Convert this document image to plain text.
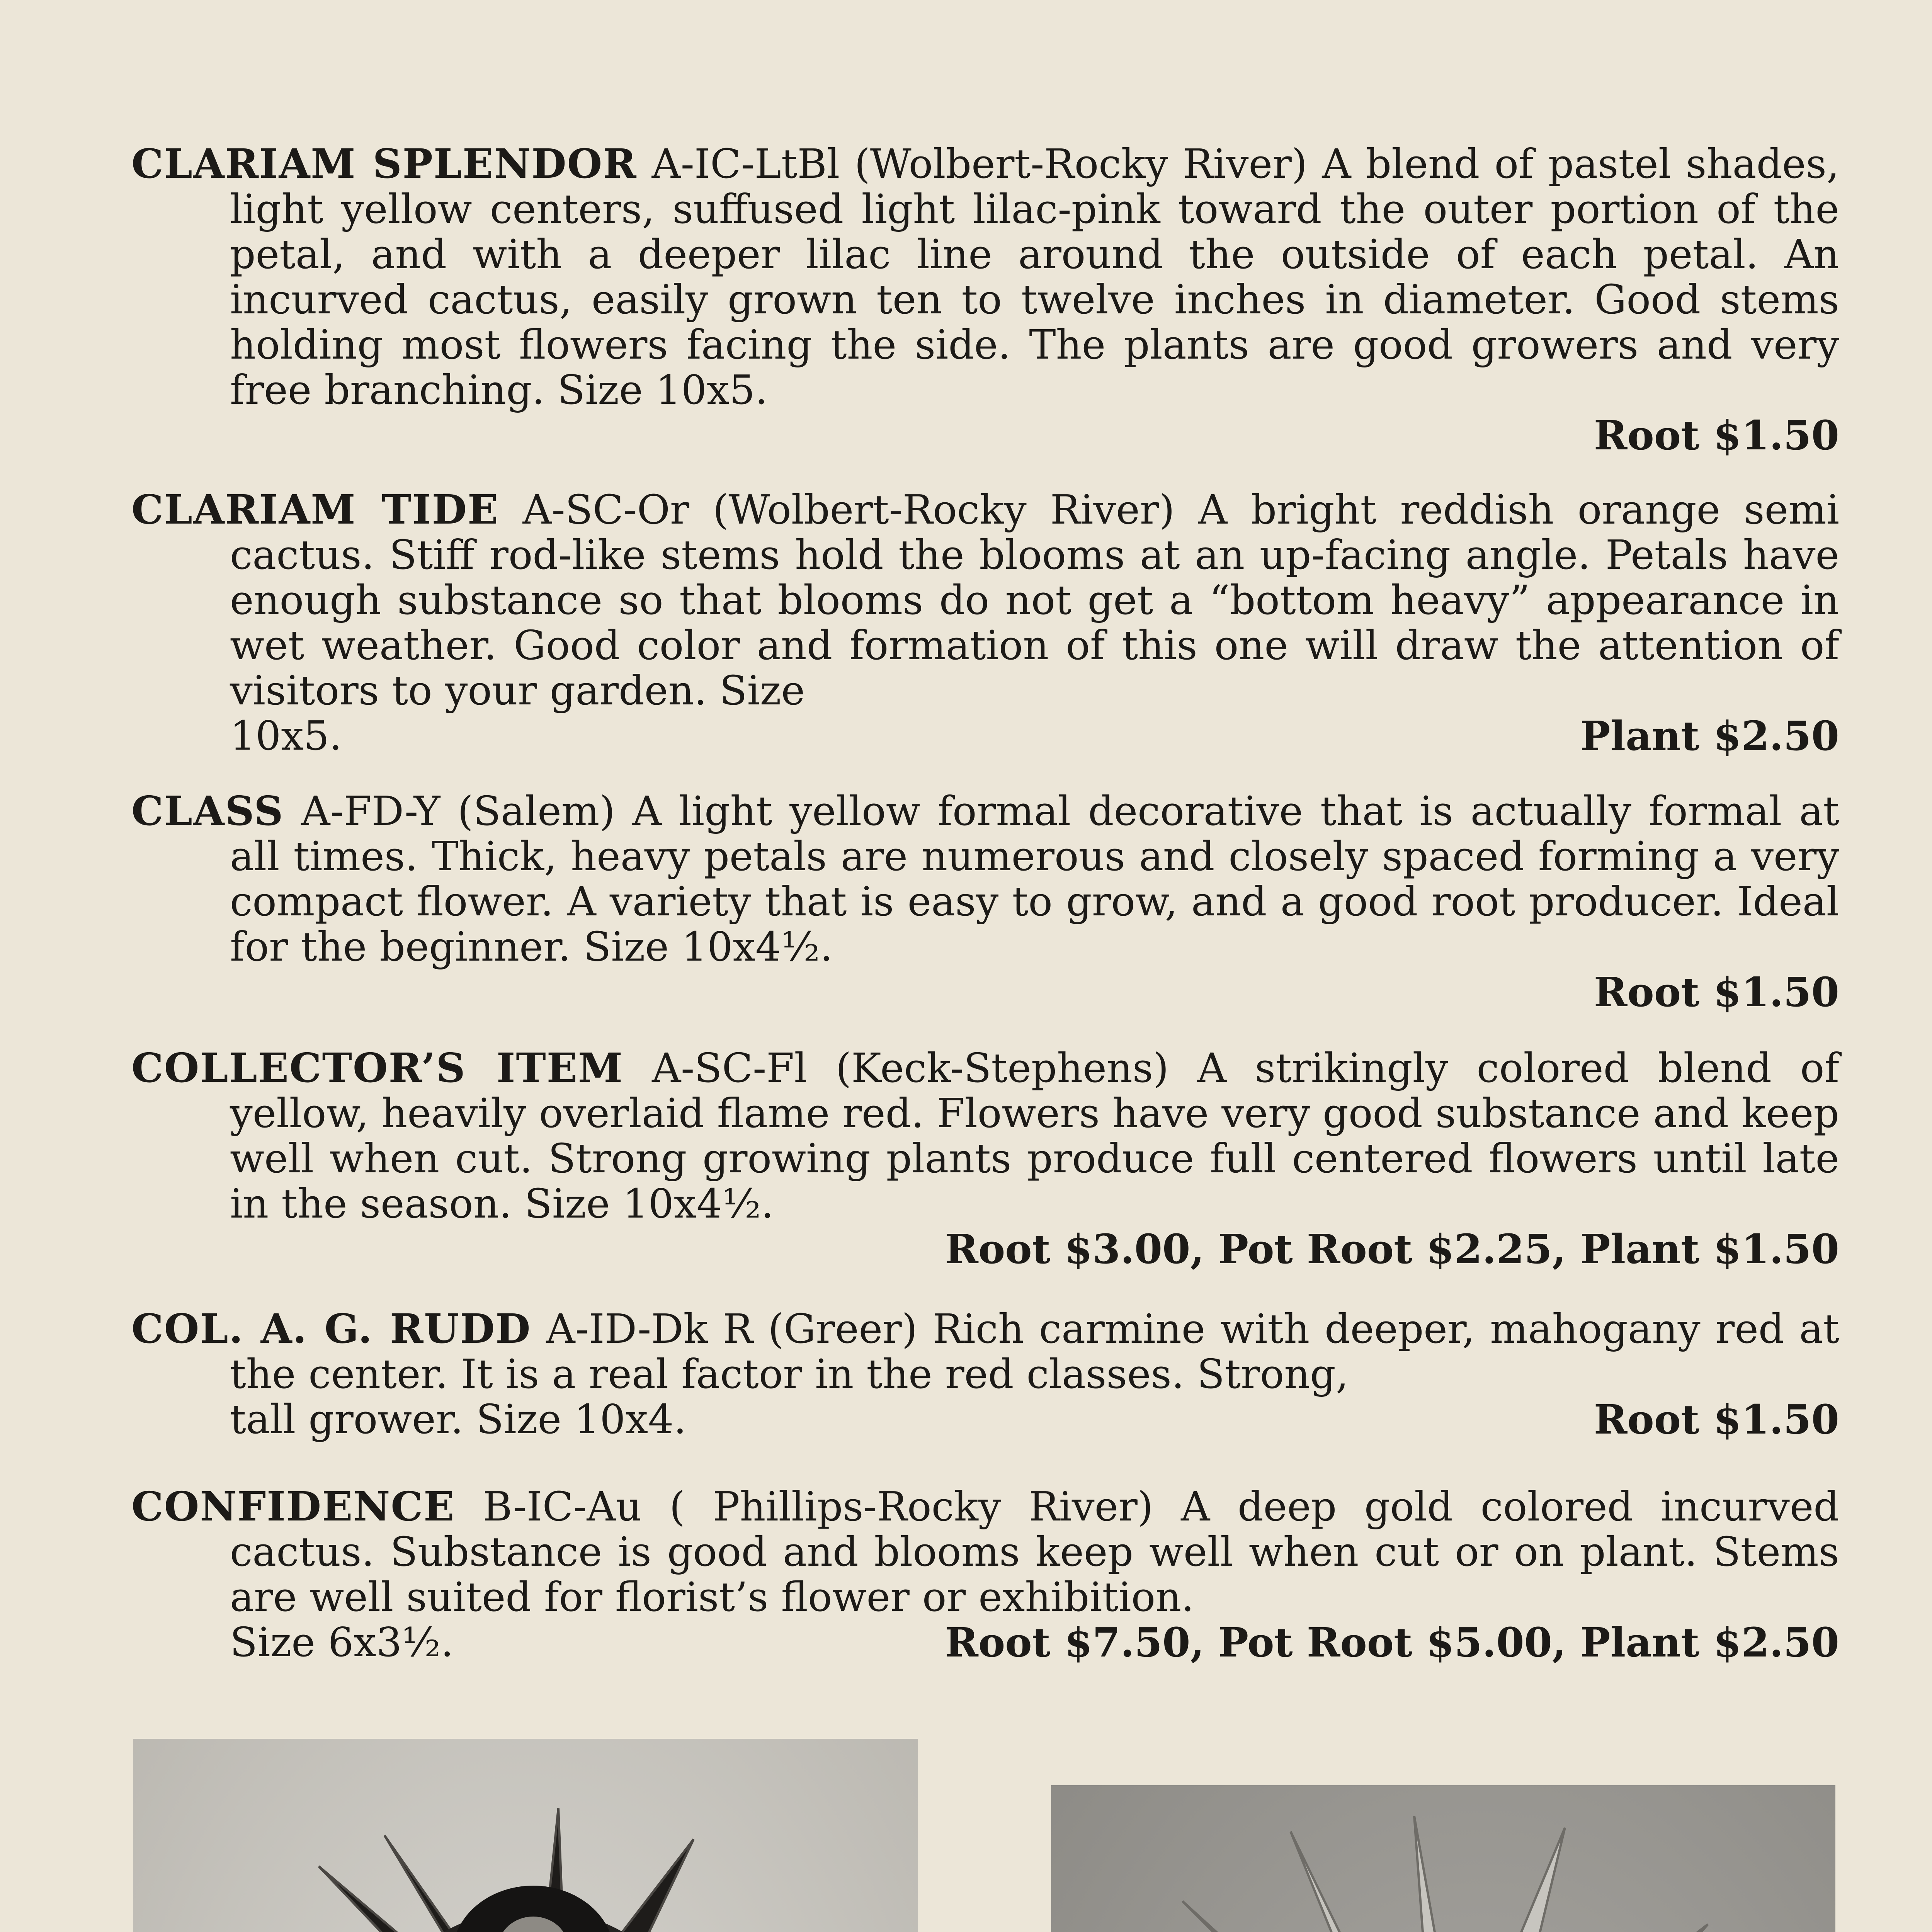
CLARIAM SPLENDOR A-IC-LtBl (Wolbert-Rocky River) A blend of pastel shades, light yellow centers, suffused light lilac-pink toward the outer portion of the petal, and with a deeper lilac line around the outside of each petal. An incurved cactus, easily grown ten to twelve inches in diameter. Good stems holding most flowers facing the side. The plants are good growers and very free branching. Size 10x5.
Root $1.50
CLARIAM TIDE A-SC-Or (Wolbert-Rocky River) A bright reddish orange semi cactus. Stiff rod-like stems hold the blooms at an up-facing angle. Petals have enough substance so that blooms do not get a “bottom heavy” appearance in wet weather. Good color and formation of this one will draw the attention of visitors to your garden. Size
10x5.	Plant $2.50
CLASS A-FD-Y (Salem) A light yellow formal decorative that is actually formal at all times. Thick, heavy petals are numerous and closely spaced forming a very compact flower. A variety that is easy to grow, and a good root producer. Ideal for the beginner. Size 10x4½.
Root $1.50
COLLECTOR’S ITEM A-SC-Fl (Keck-Stephens) A strikingly colored blend of yellow, heavily overlaid flame red. Flowers have very good substance and keep well when cut. Strong growing plants produce full centered flowers until late in the season. Size 10x4½.
Root $3.00, Pot Root $2.25, Plant $1.50
COL. A. G. RUDD A-ID-Dk R (Greer) Rich carmine with deeper, mahogany red at the center. It is a real factor in the red classes. Strong,
tall grower. Size 10x4.	Root $1.50
CONFIDENCE B-IC-Au ( Phillips-Rocky River) A deep gold colored incurved cactus. Substance is good and blooms keep well when cut or on plant. Stems are well suited for florist’s flower or exhibition.
Size 6x3½.	Root $7.50, Pot Root $5.00, Plant $2.50
